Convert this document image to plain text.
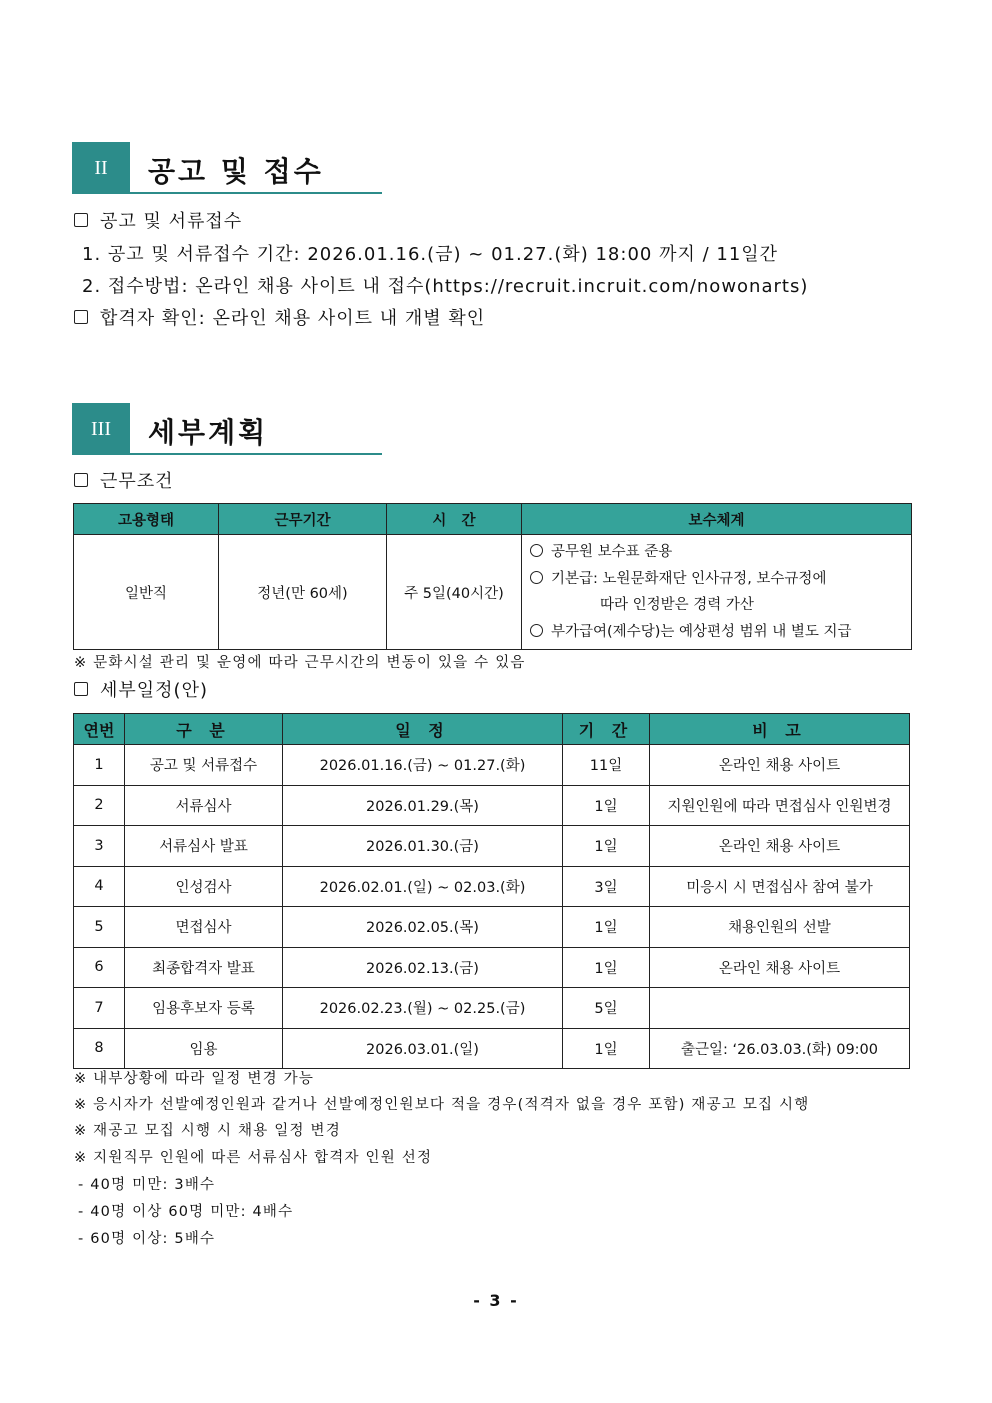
II	공고 및 접수
공고 및 서류접수
1. 공고 및 서류접수 기간: 2026.01.16.(금) ~ 01.27.(화) 18:00 까지 / 11일간
2. 접수방법: 온라인 채용 사이트 내 접수(https://recruit.incruit.com/nowonarts)
합격자 확인: 온라인 채용 사이트 내 개별 확인
III	세부계획
근무조건
고용형태	근무기간	시   간	보수체계
일반직	정년(만 60세)	주 5일(40시간)	공무원 보수표 준용
기본급: 노원문화재단 인사규정, 보수규정에
따라 인정받은 경력 가산
부가급여(제수당)는 예상편성 범위 내 별도 지급
※ 문화시설 관리 및 운영에 따라 근무시간의 변동이 있을 수 있음
세부일정(안)
연번	구 분	일 정	기 간	비 고
1	공고 및 서류접수	2026.01.16.(금) ~ 01.27.(화)	11일	온라인 채용 사이트
2	서류심사	2026.01.29.(목)	1일	지원인원에 따라 면접심사 인원변경
3	서류심사 발표	2026.01.30.(금)	1일	온라인 채용 사이트
4	인성검사	2026.02.01.(일) ~ 02.03.(화)	3일	미응시 시 면접심사 참여 불가
5	면접심사	2026.02.05.(목)	1일	채용인원의 선발
6	최종합격자 발표	2026.02.13.(금)	1일	온라인 채용 사이트
7	임용후보자 등록	2026.02.23.(월) ~ 02.25.(금)	5일	
8	임용	2026.03.01.(일)	1일	출근일: ‘26.03.03.(화) 09:00
※ 내부상황에 따라 일정 변경 가능
※ 응시자가 선발예정인원과 같거나 선발예정인원보다 적을 경우(적격자 없을 경우 포함) 재공고 모집 시행
※ 재공고 모집 시행 시 채용 일정 변경
※ 지원직무 인원에 따른 서류심사 합격자 인원 선정
- 40명 미만: 3배수
- 40명 이상 60명 미만: 4배수
- 60명 이상: 5배수
- 3 -
